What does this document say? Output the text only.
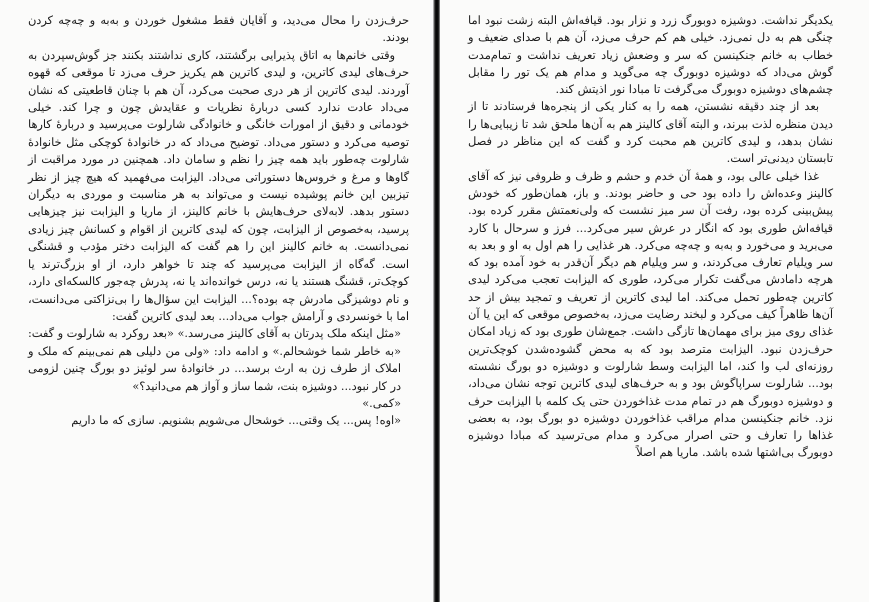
حرف‌زدن را محال می‌دید، و آقایان فقط مشغول خوردن و به‌به و چه‌چه کردن بودند.

وقتی خانم‌ها به اتاق پذیرایی برگشتند، کاری نداشتند بکنند جز گوش‌سپردن به حرف‌های لیدی کاترین، و لیدی کاترین هم یکریز حرف می‌زد تا موقعی که قهوه آوردند. لیدی کاترین از هر دری صحبت می‌کرد، آن هم با چنان قاطعیتی که نشان می‌داد عادت ندارد کسی دربارهٔ نظریات و عقایدش چون و چرا کند. خیلی خودمانی و دقیق از امورات خانگی و خانوادگی شارلوت می‌پرسید و دربارهٔ کارها توصیه می‌کرد و دستور می‌داد. توضیح می‌داد که در خانوادهٔ کوچکی مثل خانوادهٔ شارلوت چه‌طور باید همه چیز را نظم و سامان داد. همچنین در مورد مراقبت از گاوها و مرغ و خروس‌ها دستوراتی می‌داد. الیزابت می‌فهمید که هیچ چیز از نظر تیزبین این خانم پوشیده نیست و می‌تواند به هر مناسبت و موردی به دیگران دستور بدهد. لابه‌لای حرف‌هایش با خانم کالینز، از ماریا و الیزابت نیز چیزهایی پرسید، به‌خصوص از الیزابت، چون که لیدی کاترین از اقوام و کسانش چیز زیادی نمی‌دانست. به خانم کالینز این را هم گفت که الیزابت دختر مؤدب و قشنگی است. گه‌گاه از الیزابت می‌پرسید که چند تا خواهر دارد، از او بزرگ‌ترند یا کوچک‌تر، قشنگ هستند یا نه، درس خوانده‌اند یا نه، پدرش چه‌جور کالسکه‌ای دارد، و نام دوشیزگی مادرش چه بوده؟... الیزابت این سؤال‌ها را بی‌نزاکتی می‌دانست، اما با خونسردی و آرامش جواب می‌داد... بعد لیدی کاترین گفت:

«مثل اینکه ملک پدرتان به آقای کالینز می‌رسد.» «بعد روکرد به شارلوت و گفت: «به خاطر شما خوشحالم.» و ادامه داد: «ولی من دلیلی هم نمی‌بینم که ملک و املاک از طرف زن به ارث برسد... در خانوادهٔ سر لوئیز دو بورگ چنین لزومی در کار نبود... دوشیزه بنت، شما ساز و آواز هم می‌دانید؟»

«کمی.»

«اوه! پس... یک وقتی... خوشحال می‌شویم بشنویم. سازی که ما داریم

یکدیگر نداشت. دوشیزه دوبورگ زرد و نزار بود. قیافه‌اش البته زشت نبود اما چنگی هم به دل نمی‌زد. خیلی هم کم حرف می‌زد، آن هم با صدای ضعیف و خطاب به خانم جنکینسن که سر و وضعش زیاد تعریف نداشت و تمام‌مدت گوش می‌داد که دوشیزه دوبورگ چه می‌گوید و مدام هم یک تور را مقابل چشم‌های دوشیزه دوبورگ می‌گرفت تا مبادا نور اذیتش کند.

بعد از چند دقیقه نشستن، همه را به کنار یکی از پنجره‌ها فرستادند تا از دیدن منظره لذت ببرند، و البته آقای کالینز هم به آن‌ها ملحق شد تا زیبایی‌ها را نشان بدهد، و لیدی کاترین هم محبت کرد و گفت که این مناظر در فصل تابستان دیدنی‌تر است.

غذا خیلی عالی بود، و همهٔ آن خدم و حشم و ظرف و ظروفی نیز که آقای کالینز وعده‌اش را داده بود حی و حاضر بودند. و باز، همان‌طور که خودش پیش‌بینی کرده بود، رفت آن سر میز نشست که ولی‌نعمتش مقرر کرده بود. قیافه‌اش طوری بود که انگار در عرش سیر می‌کرد... فرز و سرحال با کارد می‌برید و می‌خورد و به‌به و چه‌چه می‌کرد. هر غذایی را هم اول به او و بعد به سر ویلیام تعارف می‌کردند، و سر ویلیام هم دیگر آن‌قدر به خود آمده بود که هرچه دامادش می‌گفت تکرار می‌کرد، طوری که الیزابت تعجب می‌کرد لیدی کاترین چه‌طور تحمل می‌کند. اما لیدی کاترین از تعریف و تمجید بیش از حد آن‌ها ظاهراً کیف می‌کرد و لبخند رضایت می‌زد، به‌خصوص موقعی که این یا آن غذای روی میز برای مهمان‌ها تازگی داشت. جمع‌شان طوری بود که زیاد امکان حرف‌زدن نبود. الیزابت مترصد بود که به محض گشوده‌شدن کوچک‌ترین روزنه‌ای لب وا کند، اما الیزابت وسط شارلوت و دوشیزه دو بورگ نشسته بود... شارلوت سراپاگوش بود و به حرف‌های لیدی کاترین توجه نشان می‌داد، و دوشیزه دوبورگ هم در تمام مدت غذاخوردن حتی یک کلمه با الیزابت حرف نزد. خانم جنکینسن مدام مراقب غذاخوردن دوشیزه دو بورگ بود، به بعضی غذاها را تعارف و حتی اصرار می‌کرد و مدام می‌ترسید که مبادا دوشیزه دوبورگ بی‌اشتها شده باشد. ماریا هم اصلاً
